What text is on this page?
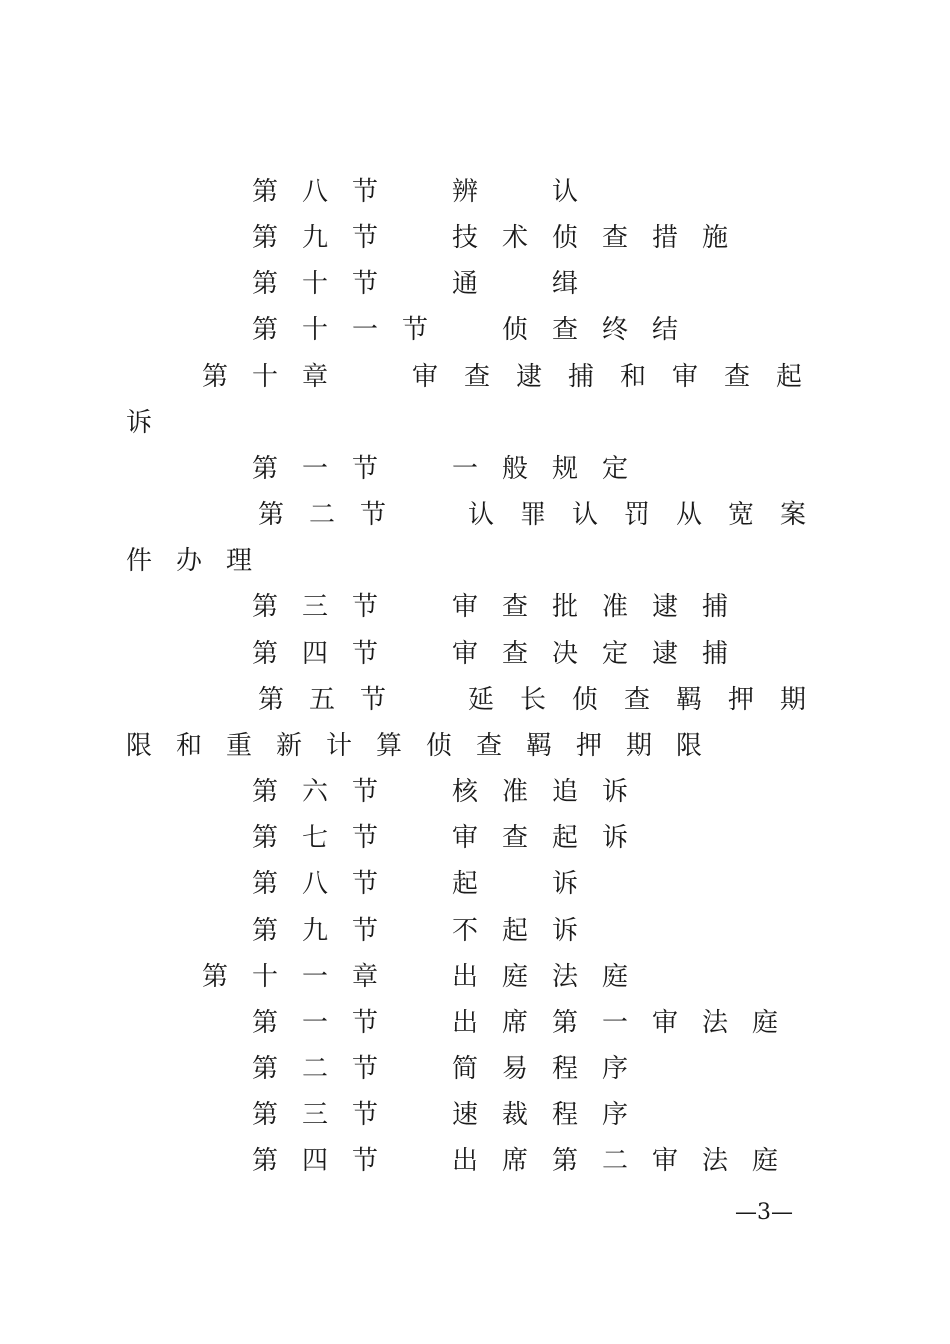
第 八 节	辨	认
第 九 节	技 术 侦 查 措 施
第 十 节	通	缉
第 十 一 节	侦 查 终 结
第 十 章	审 查 逮 捕 和 审 查 起
诉
第 一 节	一 般 规 定
第 二 节	认 罪 认 罚 从 宽 案
件 办 理
第 三 节	审 查 批 准 逮 捕
第 四 节	审 查 决 定 逮 捕
第 五 节	延 长 侦 查 羁 押 期
限 和 重 新 计 算 侦 查 羁 押 期 限
第 六 节	核 准 追 诉
第 七 节	审 查 起 诉
第 八 节	起	诉
第 九 节	不 起 诉
第 十 一 章	出 庭 法 庭
第 一 节	出 席 第 一 审 法 庭
第 二 节	简 易 程 序
第 三 节	速 裁 程 序
第 四 节	出 席 第 二 审 法 庭
—3—
